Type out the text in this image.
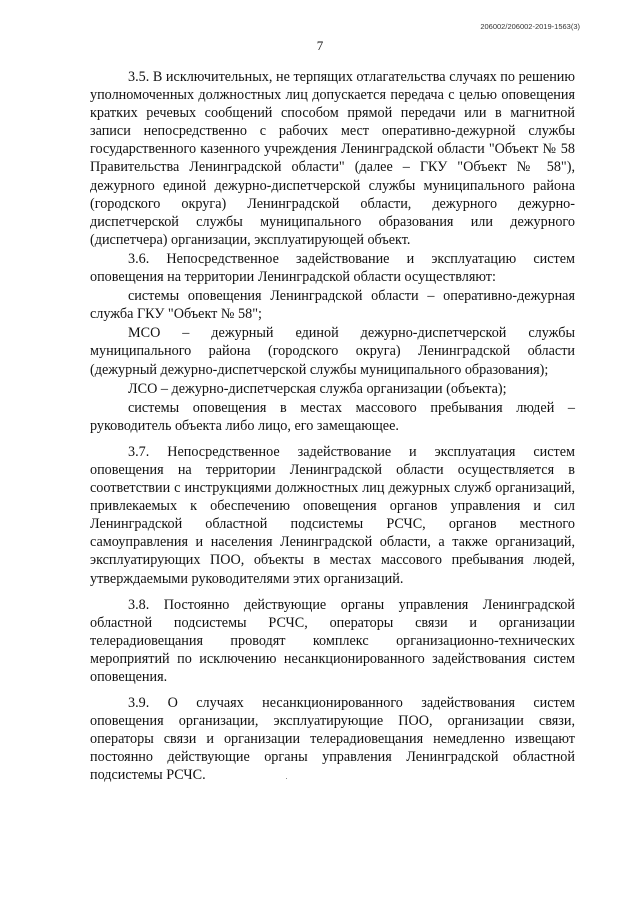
206002/206002-2019-1563(3)
7

3.5. В исключительных, не терпящих отлагательства случаях по решению уполномоченных должностных лиц допускается передача с целью оповещения кратких речевых сообщений способом прямой передачи или в магнитной записи непосредственно с рабочих мест оперативно-дежурной службы государственного казенного учреждения Ленинградской области "Объект № 58 Правительства Ленинградской области" (далее – ГКУ "Объект № 58"), дежурного единой дежурно-диспетчерской службы муниципального района (городского округа) Ленинградской области, дежурного дежурно-диспетчерской службы муниципального образования или дежурного (диспетчера) организации, эксплуатирующей объект.

3.6. Непосредственное задействование и эксплуатацию систем оповещения на территории Ленинградской области осуществляют:

системы оповещения Ленинградской области – оперативно-дежурная служба ГКУ "Объект № 58";

МСО – дежурный единой дежурно-диспетчерской службы муниципального района (городского округа) Ленинградской области (дежурный дежурно-диспетчерской службы муниципального образования);

ЛСО – дежурно-диспетчерская служба организации (объекта);

системы оповещения в местах массового пребывания людей – руководитель объекта либо лицо, его замещающее.

3.7. Непосредственное задействование и эксплуатация систем оповещения на территории Ленинградской области осуществляется в соответствии с инструкциями должностных лиц дежурных служб организаций, привлекаемых к обеспечению оповещения органов управления и сил Ленинградской областной подсистемы РСЧС, органов местного самоуправления и населения Ленинградской области, а также организаций, эксплуатирующих ПОО, объекты в местах массового пребывания людей, утверждаемыми руководителями этих организаций.

3.8. Постоянно действующие органы управления Ленинградской областной подсистемы РСЧС, операторы связи и организации телерадиовещания проводят комплекс организационно-технических мероприятий по исключению несанкционированного задействования систем оповещения.

3.9. О случаях несанкционированного задействования систем оповещения организации, эксплуатирующие ПОО, организации связи, операторы связи и организации телерадиовещания немедленно извещают постоянно действующие органы управления Ленинградской областной подсистемы РСЧС.
